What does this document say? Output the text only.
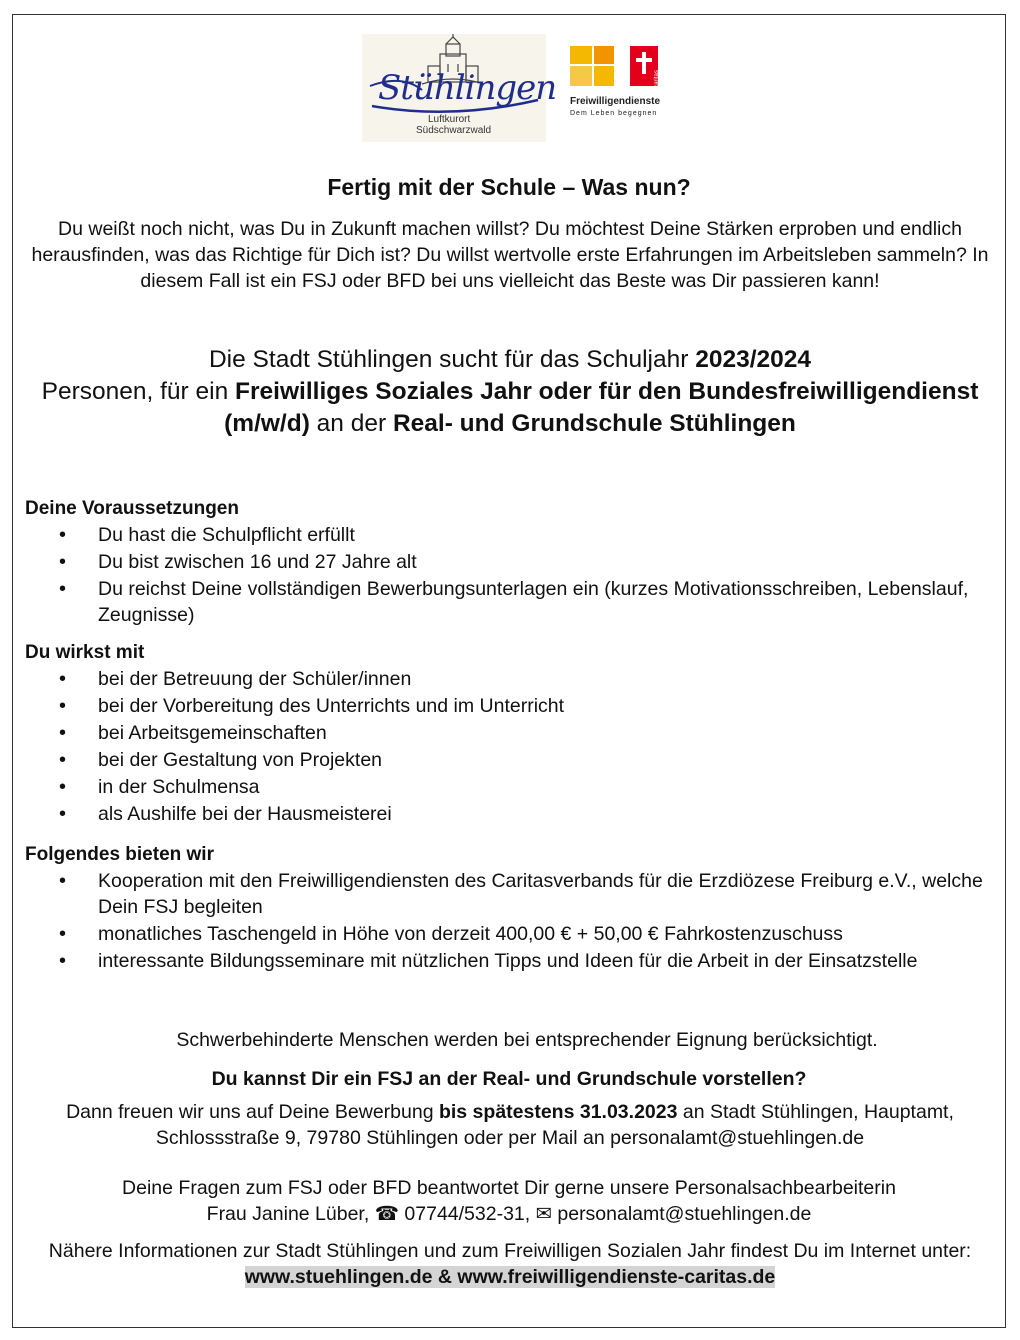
Stühlingen
Luftkurort
Südschwarzwald
caritas
Freiwilligendienste
Dem Leben begegnen
Fertig mit der Schule – Was nun?
Du weißt noch nicht, was Du in Zukunft machen willst? Du möchtest Deine Stärken erproben und endlich herausfinden, was das Richtige für Dich ist? Du willst wertvolle erste Erfahrungen im Arbeitsleben sammeln? In diesem Fall ist ein FSJ oder BFD bei uns vielleicht das Beste was Dir passieren kann!
Die Stadt Stühlingen sucht für das Schuljahr 2023/2024
Personen, für ein Freiwilliges Soziales Jahr oder für den Bundesfreiwilligendienst (m/w/d) an der Real- und Grundschule Stühlingen
Deine Voraussetzungen
• Du hast die Schulpflicht erfüllt
• Du bist zwischen 16 und 27 Jahre alt
• Du reichst Deine vollständigen Bewerbungsunterlagen ein (kurzes Motivationsschreiben, Lebenslauf, Zeugnisse)
Du wirkst mit
• bei der Betreuung der Schüler/innen
• bei der Vorbereitung des Unterrichts und im Unterricht
• bei Arbeitsgemeinschaften
• bei der Gestaltung von Projekten
• in der Schulmensa
• als Aushilfe bei der Hausmeisterei
Folgendes bieten wir
• Kooperation mit den Freiwilligendiensten des Caritasverbands für die Erzdiözese Freiburg e.V., welche Dein FSJ begleiten
• monatliches Taschengeld in Höhe von derzeit 400,00 € + 50,00 € Fahrkostenzuschuss
• interessante Bildungsseminare mit nützlichen Tipps und Ideen für die Arbeit in der Einsatzstelle
Schwerbehinderte Menschen werden bei entsprechender Eignung berücksichtigt.
Du kannst Dir ein FSJ an der Real- und Grundschule vorstellen?
Dann freuen wir uns auf Deine Bewerbung bis spätestens 31.03.2023 an Stadt Stühlingen, Hauptamt, Schlossstraße 9, 79780 Stühlingen oder per Mail an personalamt@stuehlingen.de
Deine Fragen zum FSJ oder BFD beantwortet Dir gerne unsere Personalsachbearbeiterin
Frau Janine Lüber, ☎ 07744/532-31, ✉ personalamt@stuehlingen.de
Nähere Informationen zur Stadt Stühlingen und zum Freiwilligen Sozialen Jahr findest Du im Internet unter: www.stuehlingen.de & www.freiwilligendienste-caritas.de
